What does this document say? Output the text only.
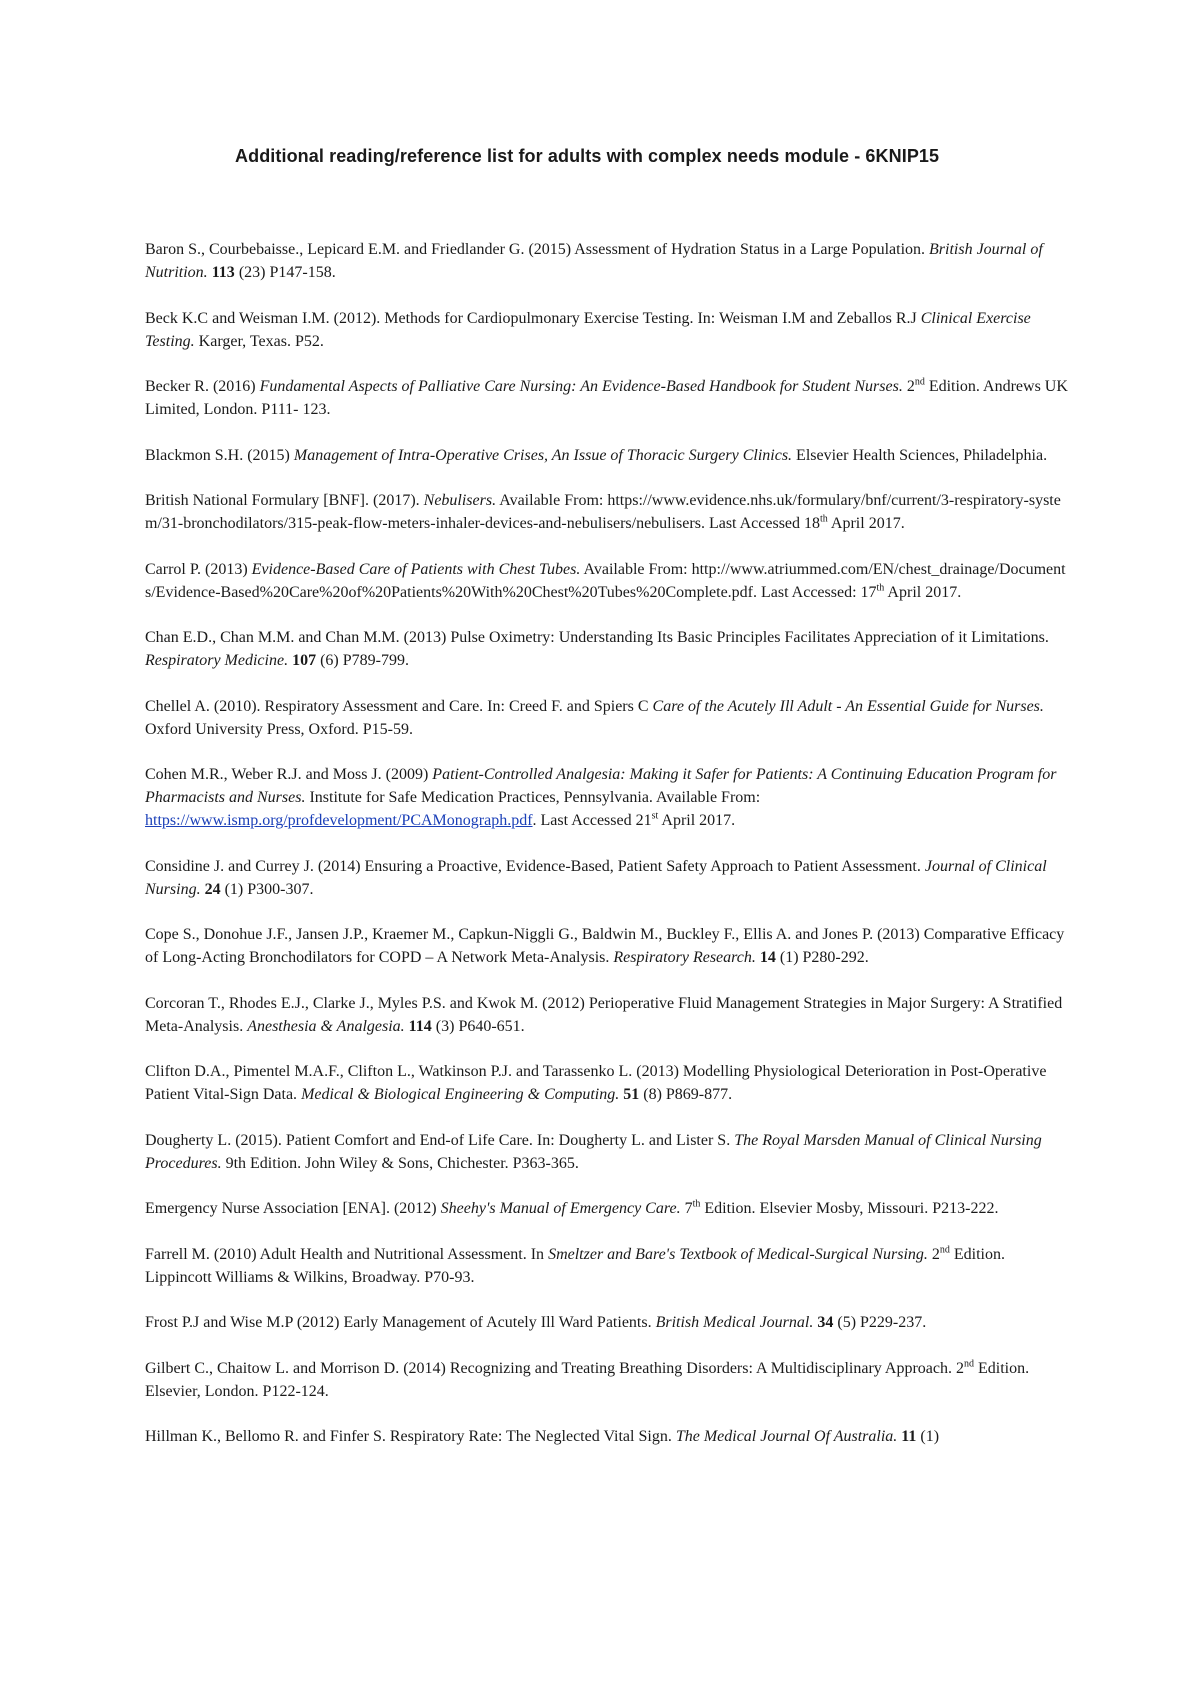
Additional reading/reference list for adults with complex needs module - 6KNIP15

Baron S., Courbebaisse., Lepicard E.M. and Friedlander G. (2015) Assessment of Hydration Status in a Large Population. British Journal of Nutrition. 113 (23) P147-158.

Beck K.C and Weisman I.M. (2012). Methods for Cardiopulmonary Exercise Testing. In: Weisman I.M and Zeballos R.J Clinical Exercise Testing. Karger, Texas. P52.

Becker R. (2016) Fundamental Aspects of Palliative Care Nursing: An Evidence-Based Handbook for Student Nurses. 2nd Edition. Andrews UK Limited, London. P111- 123.

Blackmon S.H. (2015) Management of Intra-Operative Crises, An Issue of Thoracic Surgery Clinics. Elsevier Health Sciences, Philadelphia.

British National Formulary [BNF]. (2017). Nebulisers. Available From: https://www.evidence.nhs.uk/formulary/bnf/current/3-respiratory-system/31-bronchodilators/315-peak-flow-meters-inhaler-devices-and-nebulisers/nebulisers. Last Accessed 18th April 2017.

Carrol P. (2013) Evidence-Based Care of Patients with Chest Tubes. Available From: http://www.atriummed.com/EN/chest_drainage/Documents/Evidence-Based%20Care%20of%20Patients%20With%20Chest%20Tubes%20Complete.pdf. Last Accessed: 17th April 2017.

Chan E.D., Chan M.M. and Chan M.M. (2013) Pulse Oximetry: Understanding Its Basic Principles Facilitates Appreciation of it Limitations. Respiratory Medicine. 107 (6) P789-799.

Chellel A. (2010). Respiratory Assessment and Care. In: Creed F. and Spiers C Care of the Acutely Ill Adult - An Essential Guide for Nurses. Oxford University Press, Oxford. P15-59.

Cohen M.R., Weber R.J. and Moss J. (2009) Patient-Controlled Analgesia: Making it Safer for Patients: A Continuing Education Program for Pharmacists and Nurses. Institute for Safe Medication Practices, Pennsylvania. Available From: https://www.ismp.org/profdevelopment/PCAMonograph.pdf. Last Accessed 21st April 2017.

Considine J. and Currey J. (2014) Ensuring a Proactive, Evidence-Based, Patient Safety Approach to Patient Assessment. Journal of Clinical Nursing. 24 (1) P300-307.

Cope S., Donohue J.F., Jansen J.P., Kraemer M., Capkun-Niggli G., Baldwin M., Buckley F., Ellis A. and Jones P. (2013) Comparative Efficacy of Long-Acting Bronchodilators for COPD – A Network Meta-Analysis. Respiratory Research. 14 (1) P280-292.

Corcoran T., Rhodes E.J., Clarke J., Myles P.S. and Kwok M. (2012) Perioperative Fluid Management Strategies in Major Surgery: A Stratified Meta-Analysis. Anesthesia & Analgesia. 114 (3) P640-651.

Clifton D.A., Pimentel M.A.F., Clifton L., Watkinson P.J. and Tarassenko L. (2013) Modelling Physiological Deterioration in Post-Operative Patient Vital-Sign Data. Medical & Biological Engineering & Computing. 51 (8) P869-877.

Dougherty L. (2015). Patient Comfort and End-of Life Care. In: Dougherty L. and Lister S. The Royal Marsden Manual of Clinical Nursing Procedures. 9th Edition. John Wiley & Sons, Chichester. P363-365.

Emergency Nurse Association [ENA]. (2012) Sheehy's Manual of Emergency Care. 7th Edition. Elsevier Mosby, Missouri. P213-222.

Farrell M. (2010) Adult Health and Nutritional Assessment. In Smeltzer and Bare's Textbook of Medical-Surgical Nursing. 2nd Edition. Lippincott Williams & Wilkins, Broadway. P70-93.

Frost P.J and Wise M.P (2012) Early Management of Acutely Ill Ward Patients. British Medical Journal. 34 (5) P229-237.

Gilbert C., Chaitow L. and Morrison D. (2014) Recognizing and Treating Breathing Disorders: A Multidisciplinary Approach. 2nd Edition. Elsevier, London. P122-124.

Hillman K., Bellomo R. and Finfer S. Respiratory Rate: The Neglected Vital Sign. The Medical Journal Of Australia. 11 (1)
